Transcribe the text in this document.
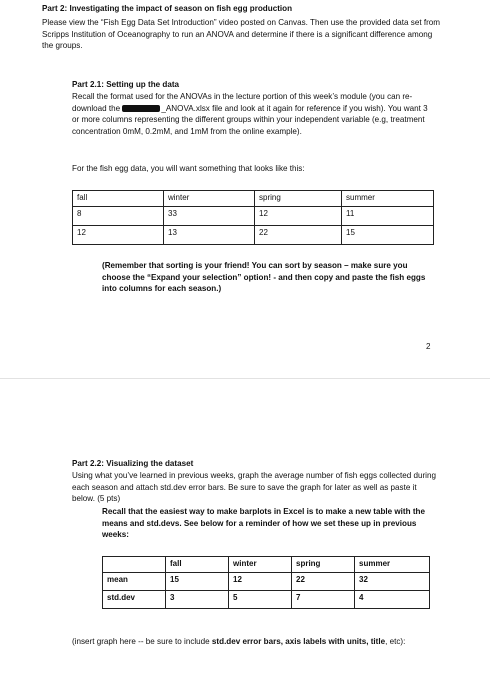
Part 2: Investigating the impact of season on fish egg production

Please view the “Fish Egg Data Set Introduction” video posted on Canvas. Then use the provided data set from Scripps Institution of Oceanography to run an ANOVA and determine if there is a significant difference among the groups.

Part 2.1: Setting up the data

Recall the format used for the ANOVAs in the lecture portion of this week’s module (you can re-download the	_ANOVA.xlsx file and look at it again for reference if you wish). You want 3 or more columns representing the different groups within your independent variable (e.g, treatment concentration 0mM, 0.2mM, and 1mM from the online example).

For the fish egg data, you will want something that looks like this:

fall	winter	spring	summer
8	33	12	11
12	13	22	15

(Remember that sorting is your friend! You can sort by season – make sure you choose the “Expand your selection” option! - and then copy and paste the fish eggs into columns for each season.)

2
Part 2.2: Visualizing the dataset

Using what you’ve learned in previous weeks, graph the average number of fish eggs collected during each season and attach std.dev error bars. Be sure to save the graph for later as well as paste it below. (5 pts)

Recall that the easiest way to make barplots in Excel is to make a new table with the means and std.devs. See below for a reminder of how we set these up in previous weeks:

	fall	winter	spring	summer
mean	15	12	22	32
std.dev	3	5	7	4

(insert graph here -- be sure to include std.dev error bars, axis labels with units, title, etc):
